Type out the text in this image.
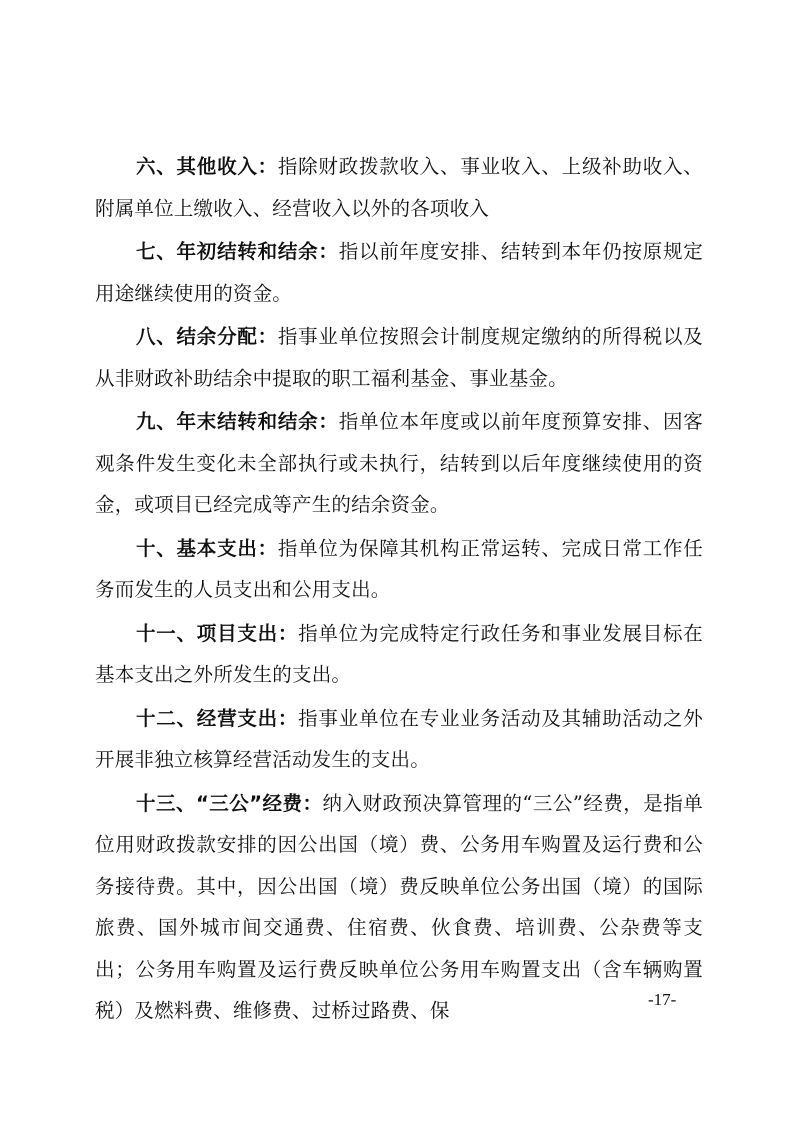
六、其他收入：指除财政拨款收入、事业收入、上级补助收入、附属单位上缴收入、经营收入以外的各项收入

七、年初结转和结余：指以前年度安排、结转到本年仍按原规定用途继续使用的资金。

八、结余分配：指事业单位按照会计制度规定缴纳的所得税以及从非财政补助结余中提取的职工福利基金、事业基金。

九、年末结转和结余：指单位本年度或以前年度预算安排、因客观条件发生变化未全部执行或未执行，结转到以后年度继续使用的资金，或项目已经完成等产生的结余资金。

十、基本支出：指单位为保障其机构正常运转、完成日常工作任务而发生的人员支出和公用支出。

十一、项目支出：指单位为完成特定行政任务和事业发展目标在基本支出之外所发生的支出。

十二、经营支出：指事业单位在专业业务活动及其辅助活动之外开展非独立核算经营活动发生的支出。

十三、“三公”经费：纳入财政预决算管理的“三公”经费，是指单位用财政拨款安排的因公出国（境）费、公务用车购置及运行费和公务接待费。其中，因公出国（境）费反映单位公务出国（境）的国际旅费、国外城市间交通费、住宿费、伙食费、培训费、公杂费等支出；公务用车购置及运行费反映单位公务用车购置支出（含车辆购置税）及燃料费、维修费、过桥过路费、保	-17-
